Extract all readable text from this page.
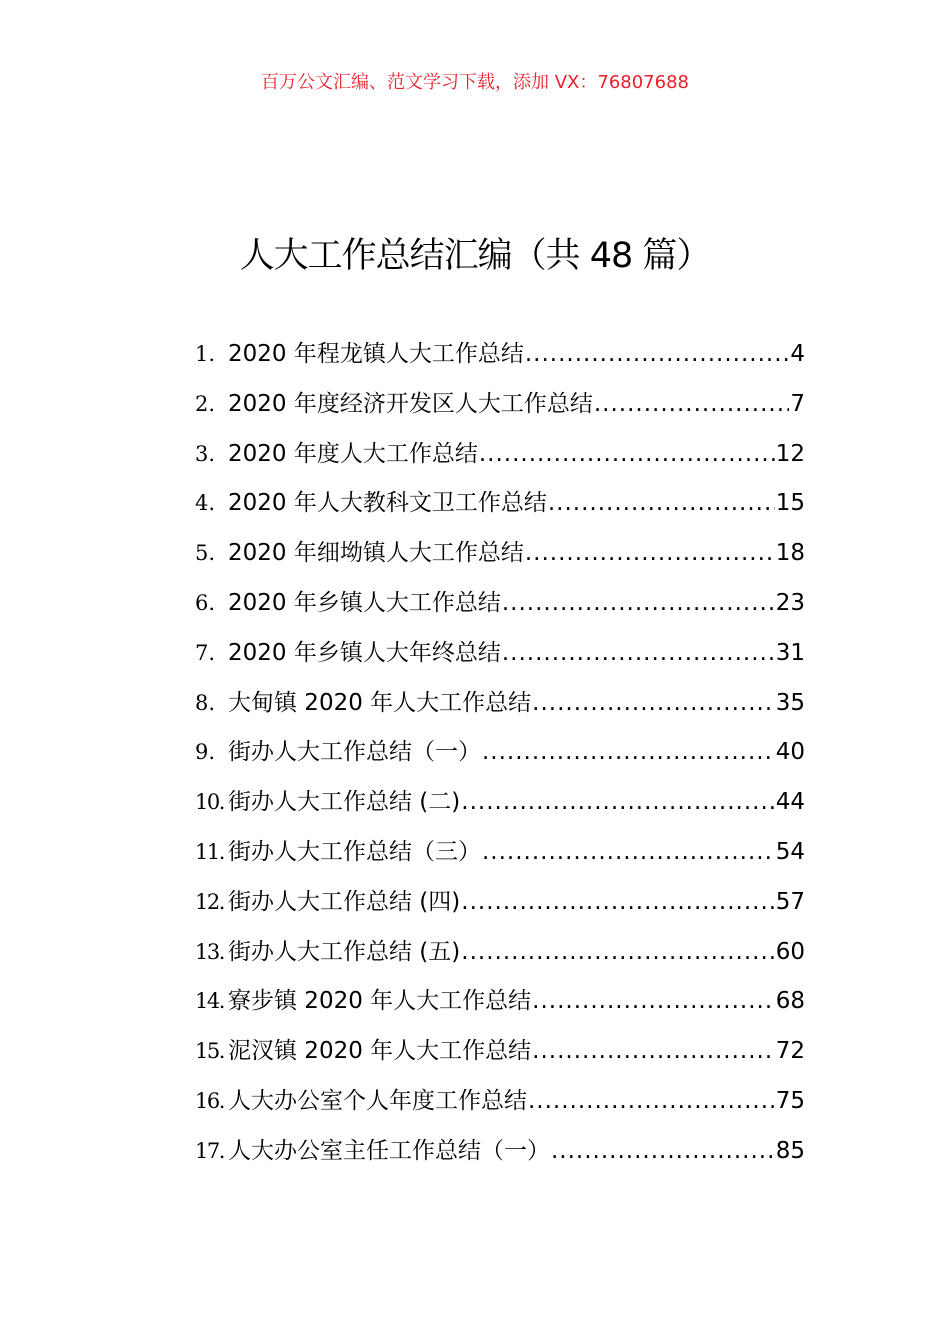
百万公文汇编、范文学习下载，添加 VX：76807688
人大工作总结汇编（共 48 篇）
1. 2020 年程龙镇人大工作总结 .....	4
2. 2020 年度经济开发区人大工作总结 .....	7
3. 2020 年度人大工作总结 .....	12
4. 2020 年人大教科文卫工作总结 .....	15
5. 2020 年细坳镇人大工作总结 .....	18
6. 2020 年乡镇人大工作总结 .....	23
7. 2020 年乡镇人大年终总结 .....	31
8. 大甸镇 2020 年人大工作总结 .....	35
9. 街办人大工作总结（一） .....	40
10. 街办人大工作总结 (二) .....	44
11. 街办人大工作总结（三） .....	54
12. 街办人大工作总结 (四) .....	57
13. 街办人大工作总结 (五) .....	60
14. 寮步镇 2020 年人大工作总结 .....	68
15. 泥汊镇 2020 年人大工作总结 .....	72
16. 人大办公室个人年度工作总结 .....	75
17. 人大办公室主任工作总结（一） .....	85
